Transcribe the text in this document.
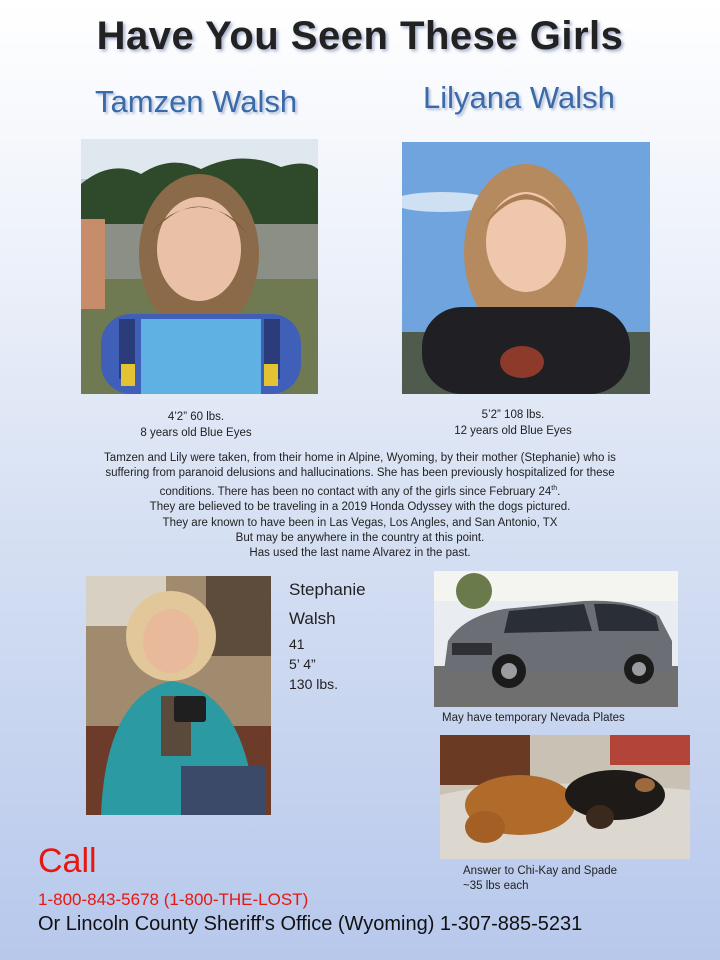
Have You Seen These Girls
Tamzen Walsh	Lilyana Walsh
4’2” 60 lbs.
8 years old Blue Eyes
5’2” 108 lbs.
12 years old Blue Eyes
Tamzen and Lily were taken, from their home in Alpine, Wyoming, by their mother (Stephanie) who is
suffering from paranoid delusions and hallucinations. She has been previously hospitalized for these
conditions. There has been no contact with any of the girls since February 24th.
They are believed to be traveling in a 2019 Honda Odyssey with the dogs pictured.
They are known to have been in Las Vegas, Los Angles, and San Antonio, TX
But may be anywhere in the country at this point.
Has used the last name Alvarez in the past.
Stephanie
Walsh
41
5’ 4”
130 lbs.
May have temporary Nevada Plates
Answer to Chi-Kay and Spade
~35 lbs each
Call
1-800-843-5678 (1-800-THE-LOST)
Or Lincoln County Sheriff's Office (Wyoming) 1-307-885-5231
